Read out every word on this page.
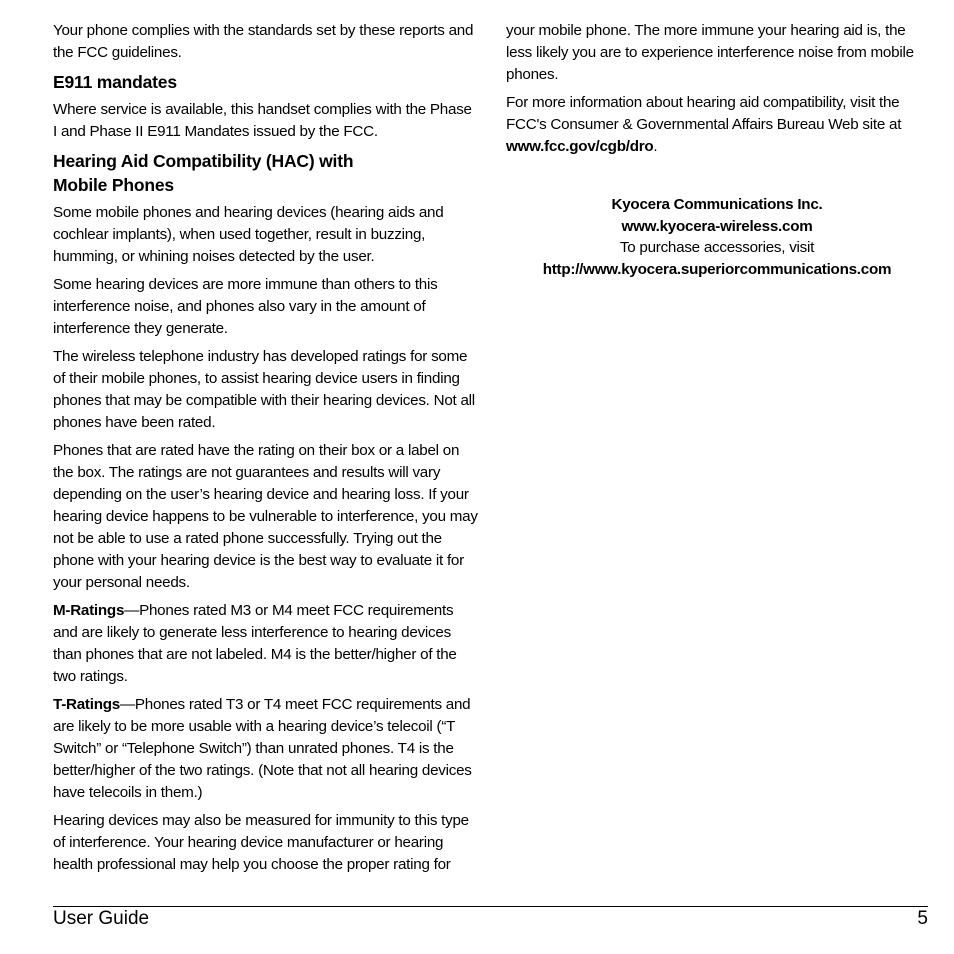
Your phone complies with the standards set by these reports and the FCC guidelines.

E911 mandates

Where service is available, this handset complies with the Phase I and Phase II E911 Mandates issued by the FCC.

Hearing Aid Compatibility (HAC) with
Mobile Phones

Some mobile phones and hearing devices (hearing aids and cochlear implants), when used together, result in buzzing, humming, or whining noises detected by the user.

Some hearing devices are more immune than others to this interference noise, and phones also vary in the amount of interference they generate.

The wireless telephone industry has developed ratings for some of their mobile phones, to assist hearing device users in finding phones that may be compatible with their hearing devices. Not all phones have been rated.

Phones that are rated have the rating on their box or a label on the box. The ratings are not guarantees and results will vary depending on the user’s hearing device and hearing loss. If your hearing device happens to be vulnerable to interference, you may not be able to use a rated phone successfully. Trying out the phone with your hearing device is the best way to evaluate it for your personal needs.

M-Ratings—Phones rated M3 or M4 meet FCC requirements and are likely to generate less interference to hearing devices than phones that are not labeled. M4 is the better/higher of the two ratings.

T-Ratings—Phones rated T3 or T4 meet FCC requirements and are likely to be more usable with a hearing device’s telecoil (“T Switch” or “Telephone Switch”) than unrated phones. T4 is the better/higher of the two ratings. (Note that not all hearing devices have telecoils in them.)

Hearing devices may also be measured for immunity to this type of interference. Your hearing device manufacturer or hearing health professional may help you choose the proper rating for

your mobile phone. The more immune your hearing aid is, the less likely you are to experience interference noise from mobile phones.

For more information about hearing aid compatibility, visit the FCC's Consumer & Governmental Affairs Bureau Web site at www.fcc.gov/cgb/dro.

Kyocera Communications Inc.
www.kyocera-wireless.com
To purchase accessories, visit
http://www.kyocera.superiorcommunications.com
User Guide	5
